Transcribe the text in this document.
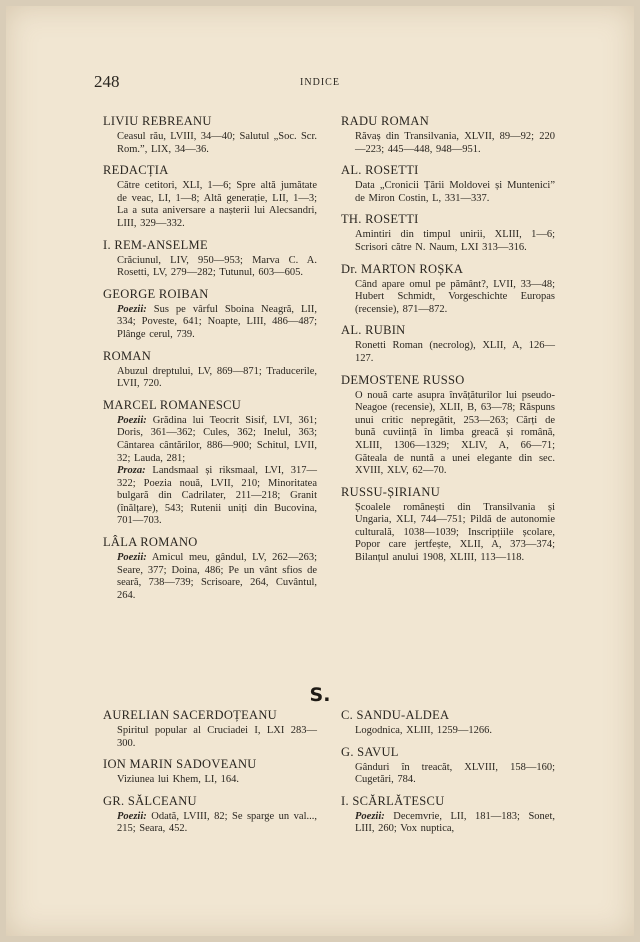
248	INDICE
LIVIU REBREANU
Ceasul rău, LVIII, 34—40; Salutul „Soc. Scr. Rom.”, LIX, 34—36.
REDACȚIA
Către cetitori, XLI, 1—6; Spre altă jumătate de veac, LI, 1—8; Altă generație, LII, 1—3; La a suta aniversare a nașterii lui Alecsandri, LIII, 329—332.
I. REM-ANSELME
Crăciunul, LIV, 950—953; Marva C. A. Rosetti, LV, 279—282; Tutunul, 603—605.
GEORGE ROIBAN
Poezii: Sus pe vârful Sboina Neagră, LII, 334; Poveste, 641; Noapte, LIII, 486—487; Plânge cerul, 739.
ROMAN
Abuzul dreptului, LV, 869—871; Traducerile, LVII, 720.
MARCEL ROMANESCU
Poezii: Grădina lui Teocrit Sisif, LVI, 361; Doris, 361—362; Cules, 362; Inelul, 363; Cântarea cântărilor, 886—900; Schitul, LVII, 32; Lauda, 281;
Proza: Landsmaal și riksmaal, LVI, 317—322; Poezia nouă, LVII, 210; Minoritatea bulgară din Cadrilater, 211—218; Granit (înălțare), 543; Rutenii uniți din Bucovina, 701—703.
LÂLA ROMANO
Poezii: Amicul meu, gândul, LV, 262—263; Seare, 377; Doina, 486; Pe un vânt sfios de seară, 738—739; Scrisoare, 264, Cuvântul, 264.
RADU ROMAN
Răvaș din Transilvania, XLVII, 89—92; 220—223; 445—448, 948—951.
AL. ROSETTI
Data „Cronicii Țării Moldovei și Muntenici” de Miron Costin, L, 331—337.
TH. ROSETTI
Amintiri din timpul unirii, XLIII, 1—6; Scrisori către N. Naum, LXI 313—316.
Dr. MARTON ROȘKA
Când apare omul pe pământ?, LVII, 33—48; Hubert Schmidt, Vorgeschichte Europas (recensie), 871—872.
AL. RUBIN
Ronetti Roman (necrolog), XLII, A, 126—127.
DEMOSTENE RUSSO
O nouă carte asupra învățăturilor lui pseudo-Neagoe (recensie), XLII, B, 63—78; Răspuns unui critic nepregătit, 253—263; Cărți de bună cuviință în limba greacă și română, XLIII, 1306—1329; XLIV, A, 66—71; Găteala de nuntă a unei elegante din sec. XVIII, XLV, 62—70.
RUSSU-ȘIRIANU
Școalele românești din Transilvania și Ungaria, XLI, 744—751; Pildă de autonomie culturală, 1038—1039; Inscripțiile școlare, Popor care jertfește, XLII, A, 373—374; Bilanțul anului 1908, XLIII, 113—118.
S.
AURELIAN SACERDOȚEANU
Spiritul popular al Cruciadei I, LXI 283—300.
ION MARIN SADOVEANU
Viziunea lui Khem, LI, 164.
GR. SĂLCEANU
Poezii: Odată, LVIII, 82; Se sparge un val..., 215; Seara, 452.
C. SANDU-ALDEA
Logodnica, XLIII, 1259—1266.
G. SAVUL
Gânduri în treacăt, XLVIII, 158—160; Cugetări, 784.
I. SCĂRLĂTESCU
Poezii: Decemvrie, LII, 181—183; Sonet, LIII, 260; Vox nuptica,
